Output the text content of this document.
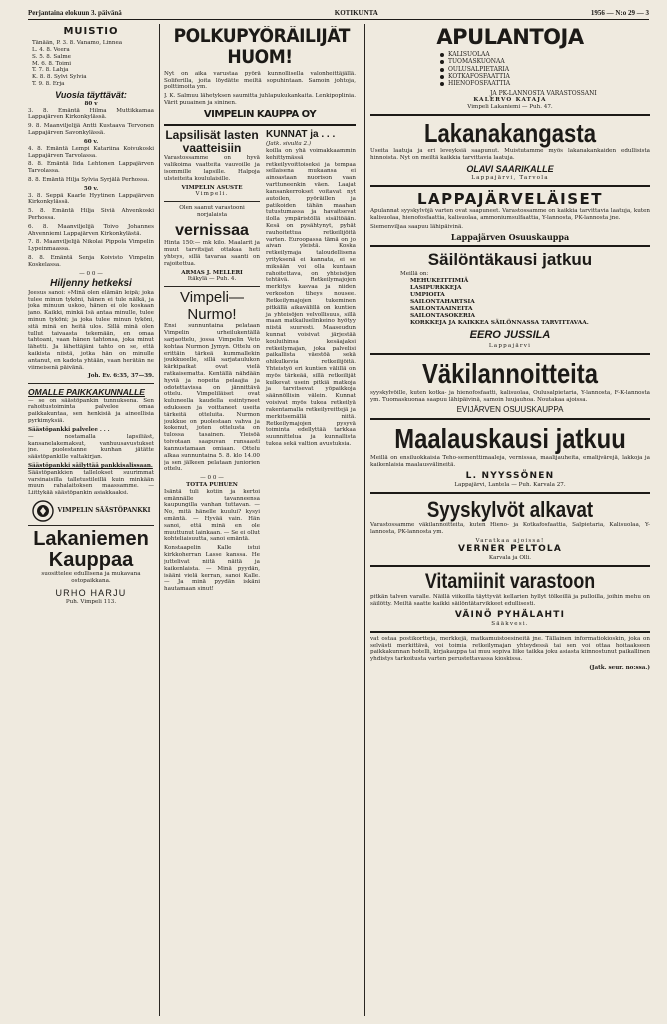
Perjantaina elokuun 3. päivänä	KOTIKUNTA	1956 — N:o 29 — 3
MUISTIO
Tänään, P. 3. 8. Vanamo, Linnea
L. 4. 8. Veera
S. 5. 8. Salme
M. 6. 8. Toimi
T. 7. 8. Lahja
K. 8. 8. Sylvi Sylvia
T. 9. 8. Erja
Vuosia täyttävät:
80 v

3. 8. Emäntä Hilma Muttikkamaa Lappajärven Kirkonkylässä.

9. 8. Maanviljelijä Antti Kustaava Tervonen Lappajärven Savonkylässä.

60 v.

4. 8. Emäntä Lempi Katariina Koivukoski Lappajärven Tarvolassa.

8. 8. Emäntä Iida Lehtonen Lappajärven Tarvolassa.

8. 8. Emäntä Hilja Sylvia Syrjälä Perhossa.

50 v.

3. 8. Seppä Kaarle Hyytinen Lappajärven Kirkonkylässä.

5. 8. Emäntä Hilja Siviä Ahvenkoski Perhossa.

6. 8. Maanviljelijä Toivo Johannes Ahvenniemi Lappajärven Kirkonkylästä.

7. 8. Maanviljelijä Nikolai Pippola Vimpelin Lypeinmaassa.

8. 8. Emäntä Senja Koivisto Vimpelin Koskelassa.

— 0 0 —
Hiljenny hetkeksi

Jeesus sanoi: »Minä olen elämän leipä; joka tulee minun tyköni, hänen ei tule nälkä, ja joka minuun uskoo, hänen ei ole koskaan jano. Kaikki, minkä Isä antaa minulle, tulee minun tyköni; ja joka tulee minun tyköni, sitä minä en heitä ulos. Sillä minä olen tullut taivaasta tekemään, en omaa tahtoani, vaan hänen tahtonsa, joka minut lähetti. Ja lähettäjäni tahto on se, että kaikista niistä, jotka hän on minulle antanut, en kadota yhtään, vaan herätän ne viimeisenä päivänä.

Joh. Ev. 6:35, 37—39.

OMALLE PAIKKAKUNNALLE

— se on säästöpankin tunnuksena. Sen rahoitustoiminta palvelee omaa paikkakuntaa, sen henkisiä ja aineellisia pyrkimyksiä.

Säästöpankki palvelee . . .

— nostamalla lapsiliäst, kansanelakemaksut, vanhuusavustukset jne. puolestanne kunhan jätätte säästöpankille valtakirjan.

Säästöpankki säilyttää pankkisalissaan.

Säästöpankkien tallelokset suurimmat varsinaisilla talletustileillä kuin minkään muun rahalaitoksen maassamme. — Liittykää säästöpankin asiakkaaksi.

VIMPELIN SÄÄSTÖPANKKI
Lakaniemen Kauppaa

suosittelee edullisena ja mukavana ostopaikkana.

URHO HARJU
Puh. Vimpeli 113.
POLKUPYÖRÄILIJÄT HUOM!

Nyt on aika varustaa pyörä kunnollisella valonheittäjällä. Soliferilla, joita löydätte meiltä sopuhintaan. Samoin johtoja, polttimoita ym.

J. K. Salmuu lähetyksen saumitta juhlapukukankaita. Lenkipoplinia. Värit puuainen ja sininen.

VIMPELIN KAUPPA OY
Lapsilisät lasten vaatteisiin

Varastossamme on hyvä valikoima vaatteita vauvoille ja isommille lapsille. Halpoja ulsteiteita koululaisille.

VIMPELIN ASUSTE
Vimpeli.

Olen saanut varastooni norjalaista

vernissaa

Hinta 150:— mk kilo. Maalarit ja muut tarvitsijat ottakaa heti yhteys, sillä tavaraa saanti on rajoitettua.

ARMAS J. MELLERI
Itäkylä — Puh. 4.
Vimpeli—Nurmo!

Ensi sunnuntaina pelataan Vimpelin urheilukentällä sarjaottelu, jossa Vimpelin Veto kohtaa Nurmon Jymyn. Ottelu on erittäin tärkeä kummallekin joukkueelle, sillä sarjataulukon kärkipaikat ovat vielä ratkaisematta. Kentällä nähdään hyviä ja nopeita pelaajia ja odotettavissa on jännittävä ottelu. Vimpeliläiset ovat kuluneella kaudella esiintyneet edukseen ja voittaneet useita tärkeitä otteluita. Nurmon joukkue on puolestaan vahva ja kokenut, joten ottelusta on tulossa tasainen. Yleisöä toivotaan saapuvan runsaasti kannustamaan omiaan. Ottelu alkaa sunnuntaina 5. 8. klo 14.00 ja sen jälkeen pelataan juniorien ottelu.

— 0 0 —
TOTTA PUHUEN

Isäntä tuli kotiin ja kertoi emännälle tavanneensa kaupungilla vanhan tuttavan. — No, mitä hänelle kuului? kysyi emäntä. — Hyvää vain. Hän sanoi, että minä en ole muuttunut lainkaan. — Se ei ollut kohteliaisuutta, sanoi emäntä.

Konstaapelin Kalle istui kirkkoherran Lasse kanssa. He juttelivat niitä näitä ja kaikenlaista. — Minä pyydän, isääni vielä kerran, sanoi Kalle. — Ja minä pyydän iskäni hautamaan sinut!

KUNNAT ja . . .
(Jatk. sivulta 2.)

koilla on yhä voimakkaammin kehittymässä retkeilyvoittoiseksi ja tempaa sellaisena mukaansa ei ainoastaan nuorison vaan varttuneenkin väen. Laajat kansankerrokset voitavat nyt autoilen, pyöräillen ja patikoiden tähän maahan tutustumassa ja havaitsevat ilolla ympäristöllä sisältöään. Kesä on pysähtynyt, pyhät rauhoitettua retkeilijöitä varten. Euroopassa tämä on jo aivan yleistä. Koska retkeilymaja taloudellisena yrityksenä ei kannata, ei se miksään voi olla kuntaan rahoitettava, on yhteisöjen tehtävä. Retkeilymajojen merkitys kasvaa ja niiden verkoston tiheys nousee. Retkeilymajojen tukeminen pitkällä aikavälillä on kuntien ja yhteisöjen velvollisuus, sillä maan matkailuelinkeino hyötyy niistä suuresti. Maaseudun kunnat voisivat järjestää kouluihinsa kesäajaksi retkeilymajan, joka palvelisi paikallista väestöä sekä ohikulkevia retkeilijöitä. Yhteistyö eri kuntien välillä on myös tärkeää, sillä retkeilijät kulkevat usein pitkiä matkoja ja tarvitsevat yöpaikkoja säännöllisin välein. Kunnat voisivat myös tukea retkeilyä rakentamalla retkeilyreittejä ja merkitsemällä niitä. Retkeilymajojen pysyvä toiminta edellyttää tarkkaa suunnittelua ja kunnallista tukea sekä valtion avustuksia.

APULANTOJA
KALISUOLAA
TUOMASKUONAA
OULUSALPIETARIA
KOTKAFOSFAATTIA
HIENOFOSFAATTIA
JA PK-LANNOSTA VARASTOSSANI
KALERVO KATAJA
Vimpeli Lakaniemi — Puh. 47.
Lakanakangasta

Useita laatuja ja eri leveyksiä saapunut. Muistutamme myös lakanakankaiden edullisista hinnoista. Nyt on meiltä kaikkia tarvittavia laatuja.

OLAVI SAARIKALLE
Lappajärvi, Tarvola
LAPPAJÄRVELÄISET

Apulannat syyskylvöjä varten ovat saapuneet. Varastossamme on kaikkia tarvittavia laatuja, kuten kalisuolaa, hienofosfaattia, kalisuolaa, ammoniumsulfaattia, Y-lannosta, PK-lannosta jne.

Siemenviljaa saapuu lähipäivinä.

Lappajärven Osuuskauppa
Säilöntäkausi jatkuu
Meillä on:
MEHUKEITTIMIÄ
LASIPURKKEJA
UMPIOITA
SAILONTAHARTSIA
SAILONTAAINEITA
SAILONTASOKERIA
KORKKEJA JA KAIKKEA SÄILÖNNASSA TARVITTAVAA.
EERO JUSSILA
Lappajärvi
Väkilannoitteita

syyskylvöille, kuten kotka- ja hienofosfaatti, kalisuolaa, Oulusalpietaria, Y-lannosta, F-K-lannosta ym. Tuomaskuonaa saapuu lähipäivinä, samoin luujauhoa. Noutakaa ajoissa.

EVIJÄRVEN OSUUSKAUPPA
Maalauskausi jatkuu

Meillä on ensiluokkaisia Teho-sementtimaaleja, vernissaa, maalijauheita, emalijvärejä, lakkoja ja kaikenlaisia maalausvälineitä.

L. NYYSSÖNEN
Lappajärvi, Lantela — Puh. Karvala 27.
Syyskylvöt alkavat

Varastossamme väkilannoitteita, kuten Hieno- ja Kotkafosfaattia, Salpietaria, Kalisuolaa, Y-lannosta, PK-lannosta ym.

Varatkaa ajoissa!
VERNER PELTOLA
Karvala ja Olli.
Vitamiinit varastoon

pitkän talven varalle. Näillä viikoilla täyttyvät kellarien hyllyt tölkeillä ja pulloilla, joihin mehu on säilötty. Meiltä saatte kaikki säilöntätarvikkeet edullisesti.

VÄINÖ PYHÄLAHTI
Sääkvesi.

vat ostaa postikortteja, merkkejä, matkamuistoesineitä jne. Tällainen informatiokioskin, joka on selvästi merkittävä, voi toimia retkeilymajan yhteydessä tai sen voi ottaa hoitaakseen paikkakunnan hotelli, kirjakauppa tai muu sopiva liike taikka joku asiasta kiinnostunut paikallinen yhdistys tarkoitusta varten perustettavassa kioskissa.

(Jatk. seur. no:ssa.)
